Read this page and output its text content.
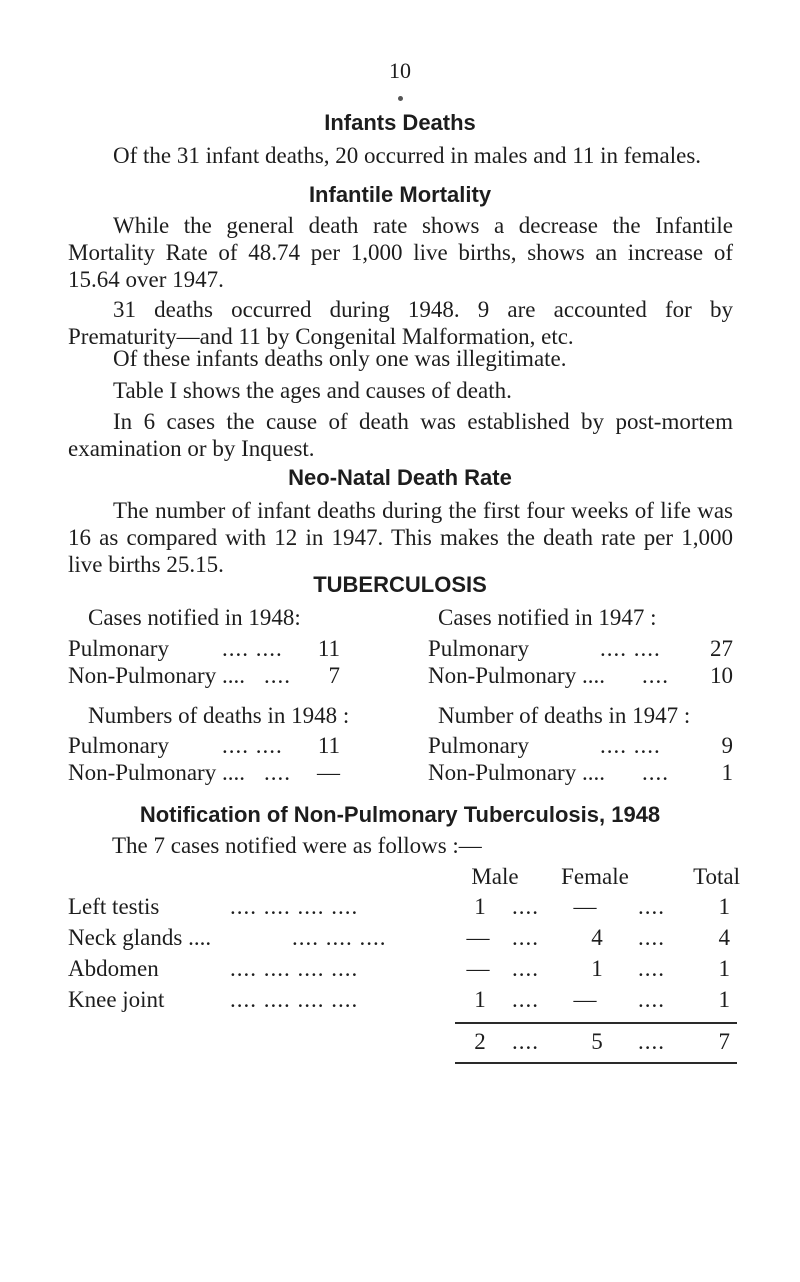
10
Infants Deaths
Of the 31 infant deaths, 20 occurred in males and 11 in females.
Infantile Mortality
While the general death rate shows a decrease the Infantile Mortality Rate of 48.74 per 1,000 live births, shows an increase of 15.64 over 1947.
31 deaths occurred during 1948. 9 are accounted for by Prematurity—and 11 by Congenital Malformation, etc.
Of these infants deaths only one was illegitimate.
Table I shows the ages and causes of death.
In 6 cases the cause of death was established by post-mortem examination or by Inquest.
Neo-Natal Death Rate
The number of infant deaths during the first four weeks of life was 16 as compared with 12 in 1947. This makes the death rate per 1,000 live births 25.15.
TUBERCULOSIS
Cases notified in 1948:
Pulmonary .... ....	11
Non-Pulmonary .... ....	7
Cases notified in 1947 :
Pulmonary	.... ....	27
Non-Pulmonary .... ....	10
Numbers of deaths in 1948 :
Pulmonary .... ....	11
Non-Pulmonary .... ....	—
Number of deaths in 1947 :
Pulmonary	.... ....	9
Non-Pulmonary .... ....	1
Notification of Non-Pulmonary Tuberculosis, 1948
The 7 cases notified were as follows :—
Male	Female	Total
Left testis	.... .... .... ....	1	....	—	....	1
Neck glands ....	.... .... ....	— ....	4	....	4
Abdomen	.... .... .... ....	— ....	1	....	1
Knee joint	.... .... .... ....	1	....	—	....	1
2	....	5	....	7
